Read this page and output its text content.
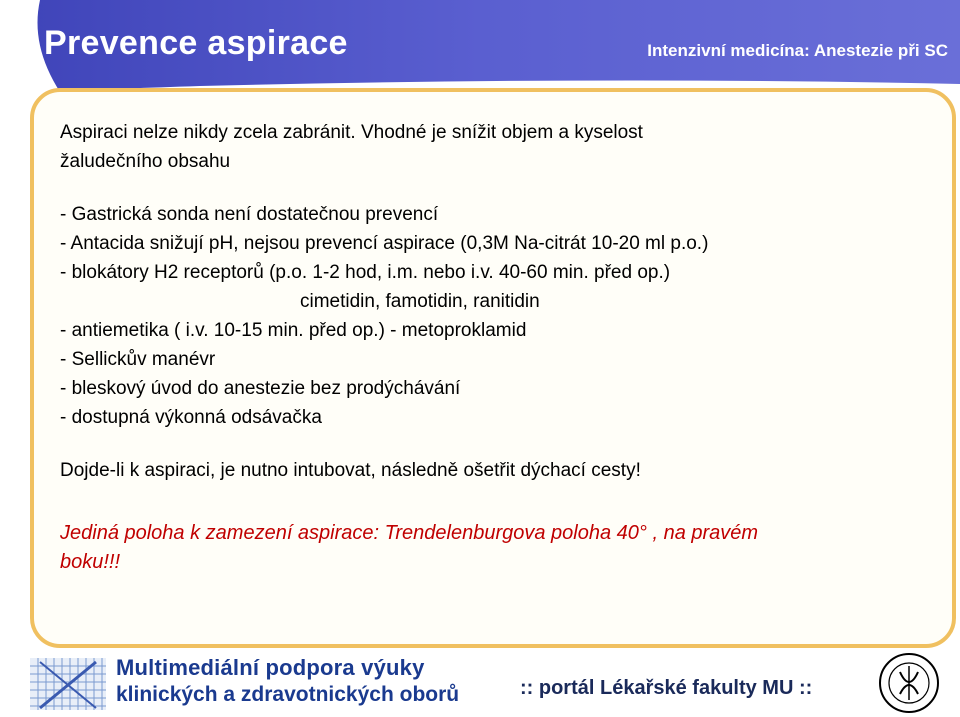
Prevence aspirace	Intenzivní medicína: Anestezie při SC

Aspiraci nelze nikdy zcela zabránit. Vhodné je snížit objem a kyselost

žaludečního obsahu

- Gastrická sonda není dostatečnou prevencí

- Antacida snižují pH, nejsou prevencí aspirace (0,3M Na-citrát 10-20 ml p.o.)

- blokátory H2 receptorů (p.o. 1-2 hod, i.m. nebo i.v. 40-60 min. před op.)

cimetidin, famotidin, ranitidin

- antiemetika ( i.v. 10-15 min. před op.) - metoproklamid

- Sellickův manévr

- bleskový úvod do anestezie bez prodýchávání

- dostupná výkonná odsávačka

Dojde-li k aspiraci, je nutno intubovat, následně ošetřit dýchací cesty!

Jediná poloha k zamezení aspirace: Trendelenburgova poloha 40° , na pravém

boku!!!

Multimediální podpora výuky
klinických a zdravotnických oborů	:: portál Lékařské fakulty MU ::
